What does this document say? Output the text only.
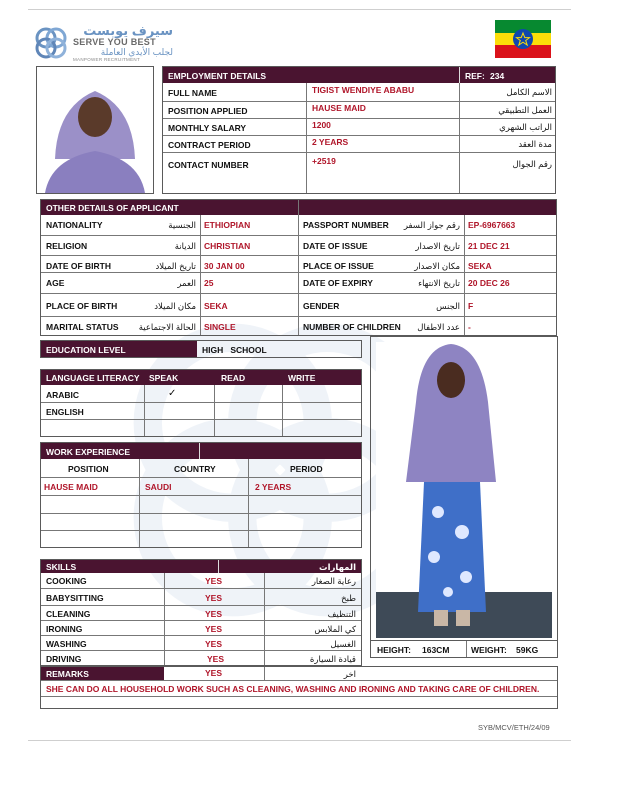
سيرف يوبست
SERVE YOU BEST
لجلب الأيدي العاملة
MANPOWER RECRUITMENT
EMPLOYMENT DETAILS	REF: 234
FULL NAME	TIGIST WENDIYE ABABU	الاسم الكامل
POSITION APPLIED	HAUSE MAID	العمل التطبيقي
MONTHLY SALARY	1200	الراتب الشهري
CONTRACT PERIOD	2 YEARS	مدة العقد
CONTACT NUMBER	+2519	رقم الجوال
OTHER DETAILS OF APPLICANT
NATIONALITY	الجنسية ETHIOPIAN	PASSPORT NUMBER	رقم جواز السفر EP-6967663
RELIGION	الديانة CHRISTIAN	DATE OF ISSUE	تاريخ الاصدار 21 DEC 21
DATE OF BIRTH	تاريخ الميلاد 30 JAN 00	PLACE OF ISSUE	مكان الاصدار SEKA
AGE	العمر 25	DATE OF EXPIRY	تاريخ الانتهاء 20 DEC 26
PLACE OF BIRTH	مكان الميلاد SEKA	GENDER	الجنس F
MARITAL STATUS	الحالة الاجتماعية SINGLE	NUMBER OF CHILDREN	عدد الاطفال -
EDUCATION LEVEL	HIGH   SCHOOL
LANGUAGE LITERACY SPEAK	READ	WRITE
ARABIC	✓
ENGLISH
WORK EXPERIENCE
POSITION	COUNTRY	PERIOD
HAUSE MAID	SAUDI	2 YEARS
SKILLS	المهارات
COOKING	YES	رعاية الصغار
BABYSITTING	YES	طبخ
CLEANING	YES	التنظيف
IRONING	YES	كي الملابس
WASHING	YES	الغسيل
DRIVING	YES	قيادة السيارة
HEIGHT: 163CM	WEIGHT: 59KG
REMARKS	YES	اخر
SHE CAN DO ALL HOUSEHOLD WORK SUCH AS CLEANING, WASHING AND IRONING AND TAKING CARE OF CHILDREN.
SYB/MCV/ETH/24/09
